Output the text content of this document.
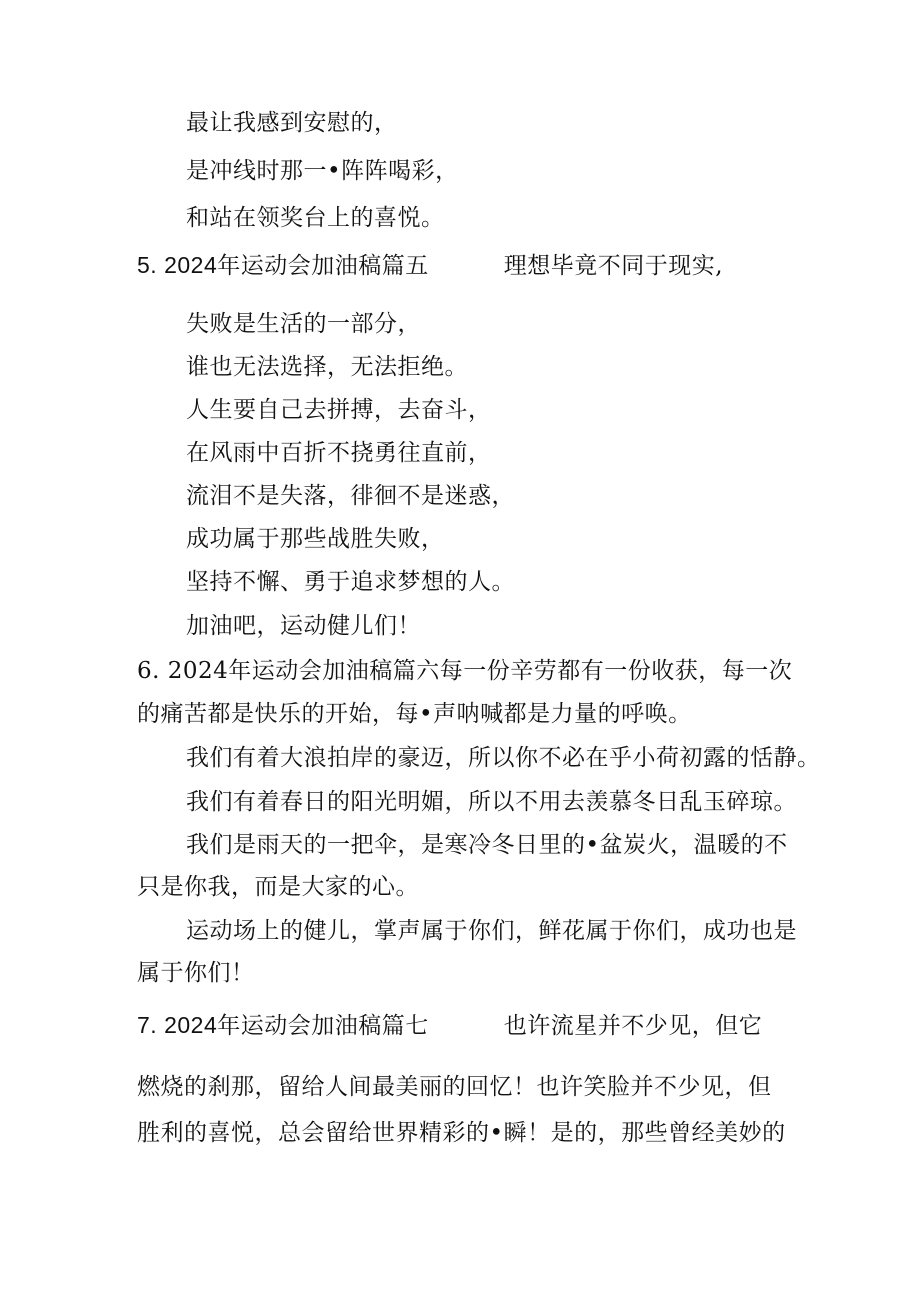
最让我感到安慰的，
是冲线时那一•阵阵喝彩，
和站在领奖台上的喜悦。
5. 2024年运动会加油稿篇五	理想毕竟不同于现实,
失败是生活的一部分，
谁也无法选择，无法拒绝。
人生要自己去拼搏，去奋斗，
在风雨中百折不挠勇往直前，
流泪不是失落，徘徊不是迷惑，
成功属于那些战胜失败，
坚持不懈、勇于追求梦想的人。
加油吧，运动健儿们！
6. 2024年运动会加油稿篇六每一份辛劳都有一份收获，每一次
的痛苦都是快乐的开始，每•声呐喊都是力量的呼唤。
我们有着大浪拍岸的豪迈，所以你不必在乎小荷初露的恬静。
我们有着春日的阳光明媚，所以不用去羡慕冬日乱玉碎琼。
我们是雨天的一把伞，是寒冷冬日里的•盆炭火，温暖的不
只是你我，而是大家的心。
运动场上的健儿，掌声属于你们，鲜花属于你们，成功也是
属于你们！
7. 2024年运动会加油稿篇七	也许流星并不少见，但它
燃烧的刹那，留给人间最美丽的回忆！也许笑脸并不少见，但
胜利的喜悦，总会留给世界精彩的•瞬！是的，那些曾经美妙的
